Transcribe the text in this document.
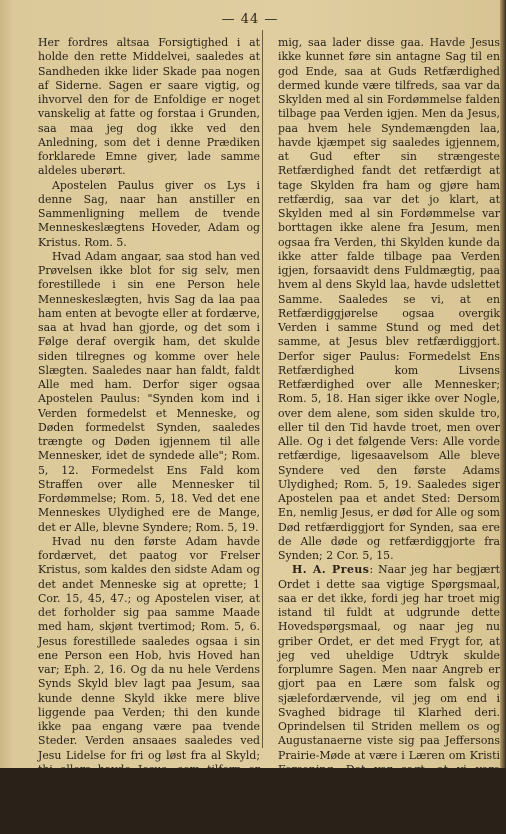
— 44 —

Her fordres altsaa Forsigtighed i at holde den rette Middelvei, saaledes at Sandheden ikke lider Skade paa nogen af Siderne. Sagen er saare vigtig, og ihvorvel den for de Enfoldige er noget vanskelig at fatte og forstaa i Grunden, saa maa jeg dog ikke ved den Anledning, som det i denne Prædiken forklarede Emne giver, lade samme aldeles uberørt.

Apostelen Paulus giver os Lys i denne Sag, naar han anstiller en Sammenligning mellem de tvende Menneskeslægtens Hoveder, Adam og Kristus. Rom. 5.

Hvad Adam angaar, saa stod han ved Prøvelsen ikke blot for sig selv, men forestillede i sin ene Person hele Menneskeslægten, hvis Sag da laa paa ham enten at bevogte eller at fordærve, saa at hvad han gjorde, og det som i Følge deraf overgik ham, det skulde siden tilregnes og komme over hele Slægten. Saaledes naar han faldt, faldt Alle med ham. Derfor siger ogsaa Apostelen Paulus: "Synden kom ind i Verden formedelst et Menneske, og Døden formedelst Synden, saaledes trængte og Døden igjennem til alle Mennesker, idet de syndede alle"; Rom. 5, 12. Formedelst Ens Fald kom Straffen over alle Mennesker til Fordømmelse; Rom. 5, 18. Ved det ene Menneskes Ulydighed ere de Mange, det er Alle, blevne Syndere; Rom. 5, 19.

Hvad nu den første Adam havde fordærvet, det paatog vor Frelser Kristus, som kaldes den sidste Adam og det andet Menneske sig at oprette; 1 Cor. 15, 45, 47.; og Apostelen viser, at det forholder sig paa samme Maade med ham, skjønt tvertimod; Rom. 5, 6. Jesus forestillede saaledes ogsaa i sin ene Person een Hob, hvis Hoved han var; Eph. 2, 16. Og da nu hele Verdens Synds Skyld blev lagt paa Jesum, saa kunde denne Skyld ikke mere blive liggende paa Verden; thi den kunde ikke paa engang være paa tvende Steder. Verden ansaaes saaledes ved Jesu Lidelse for fri og løst fra al Skyld; thi ellers havde Jesus, som tilforn er nævnt, ikke kunnet sige til sine Disciple, som forestillede hele Menneskeslægten: Dersom I lede efter

mig, saa lader disse gaa. Havde Jesus ikke kunnet føre sin antagne Sag til en god Ende, saa at Guds Retfærdighed dermed kunde være tilfreds, saa var da Skylden med al sin Fordømmelse falden tilbage paa Verden igjen. Men da Jesus, paa hvem hele Syndemængden laa, havde kjæmpet sig saaledes igjennem, at Gud efter sin strængeste Retfærdighed fandt det retfærdigt at tage Skylden fra ham og gjøre ham retfærdig, saa var det jo klart, at Skylden med al sin Fordømmelse var borttagen ikke alene fra Jesum, men ogsaa fra Verden, thi Skylden kunde da ikke atter falde tilbage paa Verden igjen, forsaavidt dens Fuldmægtig, paa hvem al dens Skyld laa, havde udslettet Samme. Saaledes se vi, at en Retfærdiggjørelse ogsaa overgik Verden i samme Stund og med det samme, at Jesus blev retfærdiggjort. Derfor siger Paulus: Formedelst Ens Retfærdighed kom Livsens Retfærdighed over alle Mennesker; Rom. 5, 18. Han siger ikke over Nogle, over dem alene, som siden skulde tro, eller til den Tid havde troet, men over Alle. Og i det følgende Vers: Alle vorde retfærdige, ligesaavelsom Alle bleve Syndere ved den første Adams Ulydighed; Rom. 5, 19. Saaledes siger Apostelen paa et andet Sted: Dersom En, nemlig Jesus, er død for Alle og som Død retfærdiggjort for Synden, saa ere de Alle døde og retfærdiggjorte fra Synden; 2 Cor. 5, 15.

H. A. Preus: Naar jeg har begjært Ordet i dette saa vigtige Spørgsmaal, saa er det ikke, fordi jeg har troet mig istand til fuldt at udgrunde dette Hovedspørgsmaal, og naar jeg nu griber Ordet, er det med Frygt for, at jeg ved uheldige Udtryk skulde forplumre Sagen. Men naar Angreb er gjort paa en Lære som falsk og sjælefordærvende, vil jeg om end i Svaghed bidrage til Klarhed deri. Oprindelsen til Striden mellem os og Augustanaerne viste sig paa Jeffersons Prairie-Møde at være i Læren om Kristi Forsoning. Det var sagt, at vi vare enige i Læren om Forsoningen; men da vi kom frem i Diskussionen, viste det sig, at Uenigheden netop her havde sin Grund. En
